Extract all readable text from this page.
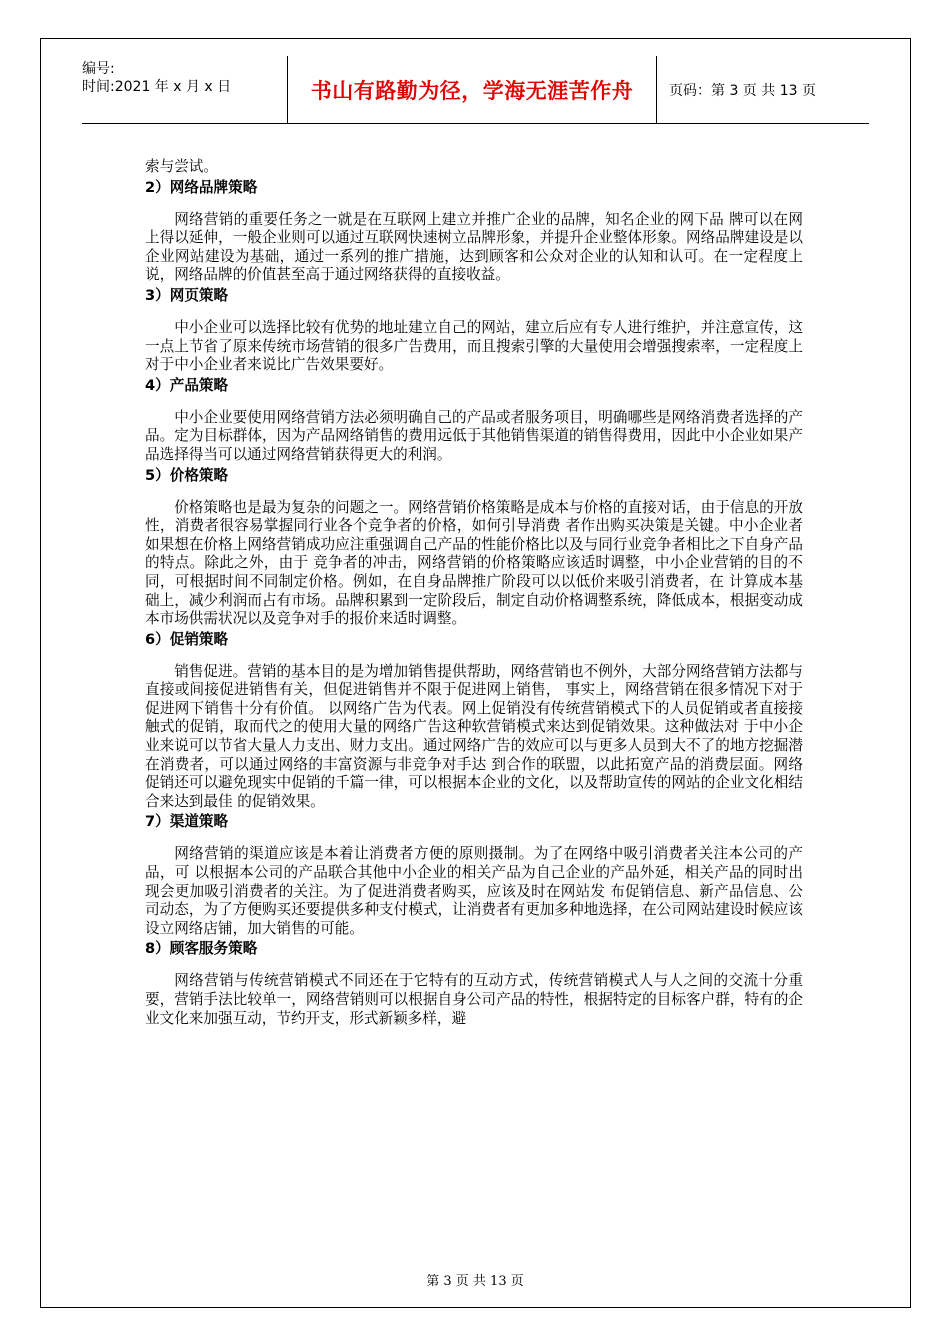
编号:
时间:2021 年 x 月 x 日	书山有路勤为径，学海无涯苦作舟	页码：第 3 页 共 13 页

索与尝试。

2）网络品牌策略

网络营销的重要任务之一就是在互联网上建立并推广企业的品牌，知名企业的网下品 牌可以在网上得以延伸，一般企业则可以通过互联网快速树立品牌形象，并提升企业整体形象。网络品牌建设是以企业网站建设为基础，通过一系列的推广措施，达到顾客和公众对企业的认知和认可。在一定程度上说，网络品牌的价值甚至高于通过网络获得的直接收益。

3）网页策略

中小企业可以选择比较有优势的地址建立自己的网站，建立后应有专人进行维护，并注意宣传，这一点上节省了原来传统市场营销的很多广告费用，而且搜索引擎的大量使用会增强搜索率，一定程度上对于中小企业者来说比广告效果要好。

4）产品策略

中小企业要使用网络营销方法必须明确自己的产品或者服务项目，明确哪些是网络消费者选择的产品。定为目标群体，因为产品网络销售的费用远低于其他销售渠道的销售得费用，因此中小企业如果产品选择得当可以通过网络营销获得更大的利润。

5）价格策略

价格策略也是最为复杂的问题之一。网络营销价格策略是成本与价格的直接对话，由于信息的开放性，消费者很容易掌握同行业各个竞争者的价格，如何引导消费 者作出购买决策是关键。中小企业者如果想在价格上网络营销成功应注重强调自己产品的性能价格比以及与同行业竞争者相比之下自身产品的特点。除此之外，由于 竞争者的冲击，网络营销的价格策略应该适时调整，中小企业营销的目的不同，可根据时间不同制定价格。例如，在自身品牌推广阶段可以以低价来吸引消费者，在 计算成本基础上，减少利润而占有市场。品牌积累到一定阶段后，制定自动价格调整系统，降低成本，根据变动成本市场供需状况以及竞争对手的报价来适时调整。

6）促销策略

销售促进。营销的基本目的是为增加销售提供帮助，网络营销也不例外，大部分网络营销方法都与直接或间接促进销售有关，但促进销售并不限于促进网上销售， 事实上，网络营销在很多情况下对于促进网下销售十分有价值。 以网络广告为代表。网上促销没有传统营销模式下的人员促销或者直接接触式的促销，取而代之的使用大量的网络广告这种软营销模式来达到促销效果。这种做法对 于中小企业来说可以节省大量人力支出、财力支出。通过网络广告的效应可以与更多人员到大不了的地方挖掘潜在消费者，可以通过网络的丰富资源与非竞争对手达 到合作的联盟，以此拓宽产品的消费层面。网络促销还可以避免现实中促销的千篇一律，可以根据本企业的文化，以及帮助宣传的网站的企业文化相结合来达到最佳 的促销效果。

7）渠道策略

网络营销的渠道应该是本着让消费者方便的原则摄制。为了在网络中吸引消费者关注本公司的产品，可 以根据本公司的产品联合其他中小企业的相关产品为自己企业的产品外延，相关产品的同时出现会更加吸引消费者的关注。为了促进消费者购买，应该及时在网站发 布促销信息、新产品信息、公司动态，为了方便购买还要提供多种支付模式，让消费者有更加多种地选择，在公司网站建设时候应该设立网络店铺，加大销售的可能。

8）顾客服务策略

网络营销与传统营销模式不同还在于它特有的互动方式，传统营销模式人与人之间的交流十分重要，营销手法比较单一，网络营销则可以根据自身公司产品的特性，根据特定的目标客户群，特有的企业文化来加强互动，节约开支，形式新颖多样，避

第 3 页 共 13 页
